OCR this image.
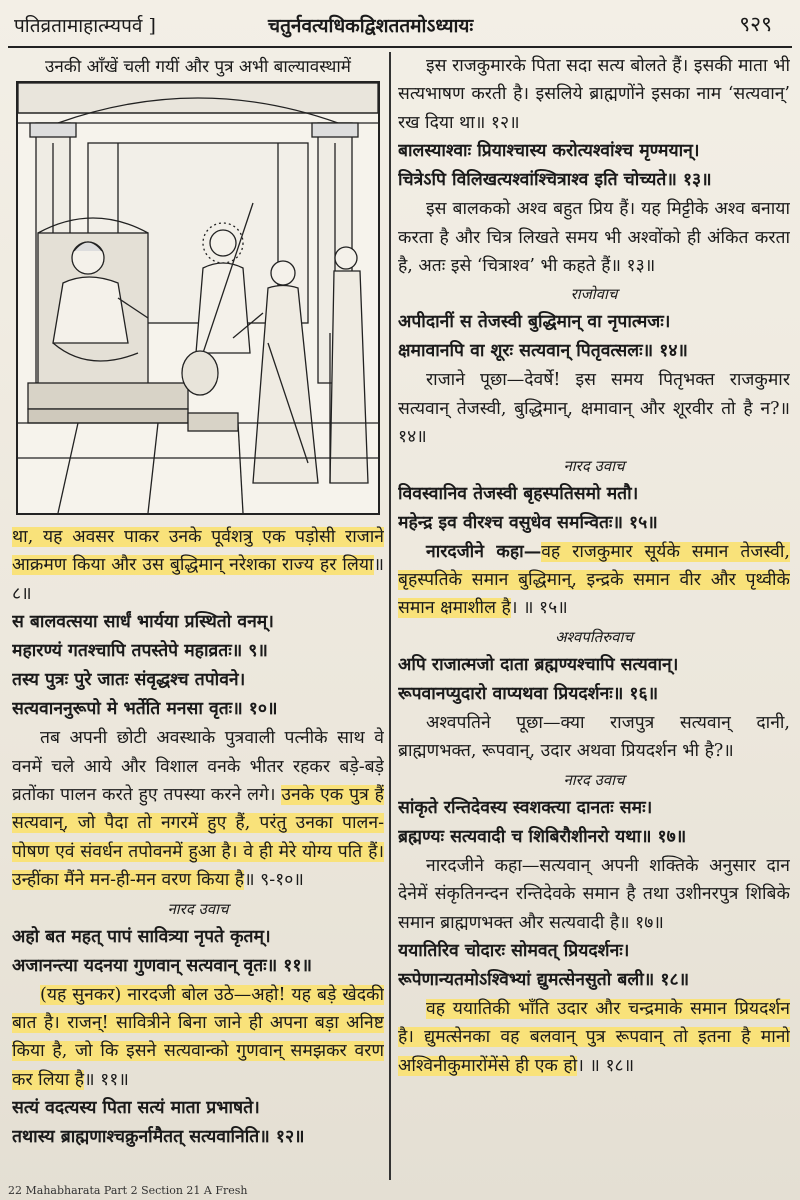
पतिव्रतामाहात्म्यपर्व ]	चतुर्नवत्यधिकद्विशततमोऽध्यायः	९२९
उनकी आँखें चली गयीं और पुत्र अभी बाल्यावस्थामें

था, यह अवसर पाकर उनके पूर्वशत्रु एक पड़ोसी राजाने आक्रमण किया और उस बुद्धिमान् नरेशका राज्य हर लिया॥ ८॥

स बालवत्सया सार्धं भार्यया प्रस्थितो वनम्।
महारण्यं गतश्चापि तपस्तेपे महाव्रतः॥ ९॥
तस्य पुत्रः पुरे जातः संवृद्धश्च तपोवने।
सत्यवाननुरूपो मे भर्तेति मनसा वृतः॥ १०॥

तब अपनी छोटी अवस्थाके पुत्रवाली पत्नीके साथ वे वनमें चले आये और विशाल वनके भीतर रहकर बड़े-बड़े व्रतोंका पालन करते हुए तपस्या करने लगे। उनके एक पुत्र हैं सत्यवान्, जो पैदा तो नगरमें हुए हैं, परंतु उनका पालन-पोषण एवं संवर्धन तपोवनमें हुआ है। वे ही मेरे योग्य पति हैं। उन्हींका मैंने मन-ही-मन वरण किया है॥ ९-१०॥

नारद उवाच
अहो बत महत् पापं सावित्र्या नृपते कृतम्।
अजानन्त्या यदनया गुणवान् सत्यवान् वृतः॥ ११॥

(यह सुनकर) नारदजी बोल उठे—अहो! यह बड़े खेदकी बात है। राजन्! सावित्रीने बिना जाने ही अपना बड़ा अनिष्ट किया है, जो कि इसने सत्यवान्को गुणवान् समझकर वरण कर लिया है॥ ११॥

सत्यं वदत्यस्य पिता सत्यं माता प्रभाषते।
तथास्य ब्राह्मणाश्चक्रुर्नामैतत् सत्यवानिति॥ १२॥

इस राजकुमारके पिता सदा सत्य बोलते हैं। इसकी माता भी सत्यभाषण करती है। इसलिये ब्राह्मणोंने इसका नाम ‘सत्यवान्’ रख दिया था॥ १२॥

बालस्याश्वाः प्रियाश्चास्य करोत्यश्वांश्च मृण्मयान्।
चित्रेऽपि विलिखत्यश्वांश्चित्राश्व इति चोच्यते॥ १३॥

इस बालकको अश्व बहुत प्रिय हैं। यह मिट्टीके अश्व बनाया करता है और चित्र लिखते समय भी अश्वोंको ही अंकित करता है, अतः इसे ‘चित्राश्व’ भी कहते हैं॥ १३॥

राजोवाच
अपीदानीं स तेजस्वी बुद्धिमान् वा नृपात्मजः।
क्षमावानपि वा शूरः सत्यवान् पितृवत्सलः॥ १४॥

राजाने पूछा—देवर्षे! इस समय पितृभक्त राजकुमार सत्यवान् तेजस्वी, बुद्धिमान्, क्षमावान् और शूरवीर तो है न?॥ १४॥

नारद उवाच
विवस्वानिव तेजस्वी बृहस्पतिसमो मतौ।
महेन्द्र इव वीरश्च वसुधेव समन्वितः॥ १५॥

नारदजीने कहा—वह राजकुमार सूर्यके समान तेजस्वी, बृहस्पतिके समान बुद्धिमान्, इन्द्रके समान वीर और पृथ्वीके समान क्षमाशील है। ॥ १५॥

अश्वपतिरुवाच
अपि राजात्मजो दाता ब्रह्मण्यश्चापि सत्यवान्।
रूपवानप्युदारो वाप्यथवा प्रियदर्शनः॥ १६॥

अश्वपतिने पूछा—क्या राजपुत्र सत्यवान् दानी, ब्राह्मणभक्त, रूपवान्, उदार अथवा प्रियदर्शन भी है?॥

नारद उवाच
सांकृते रन्तिदेवस्य स्वशक्त्या दानतः समः।
ब्रह्मण्यः सत्यवादी च शिबिरौशीनरो यथा॥ १७॥

नारदजीने कहा—सत्यवान् अपनी शक्तिके अनुसार दान देनेमें संकृतिनन्दन रन्तिदेवके समान है तथा उशीनरपुत्र शिबिके समान ब्राह्मणभक्त और सत्यवादी है॥ १७॥

ययातिरिव चोदारः सोमवत् प्रियदर्शनः।
रूपेणान्यतमोऽश्विभ्यां द्युमत्सेनसुतो बली॥ १८॥

वह ययातिकी भाँति उदार और चन्द्रमाके समान प्रियदर्शन है। द्युमत्सेनका वह बलवान् पुत्र रूपवान् तो इतना है मानो अश्विनीकुमारोंमेंसे ही एक हो। ॥ १८॥

22 Mahabharata Part 2 Section 21 A Fresh
